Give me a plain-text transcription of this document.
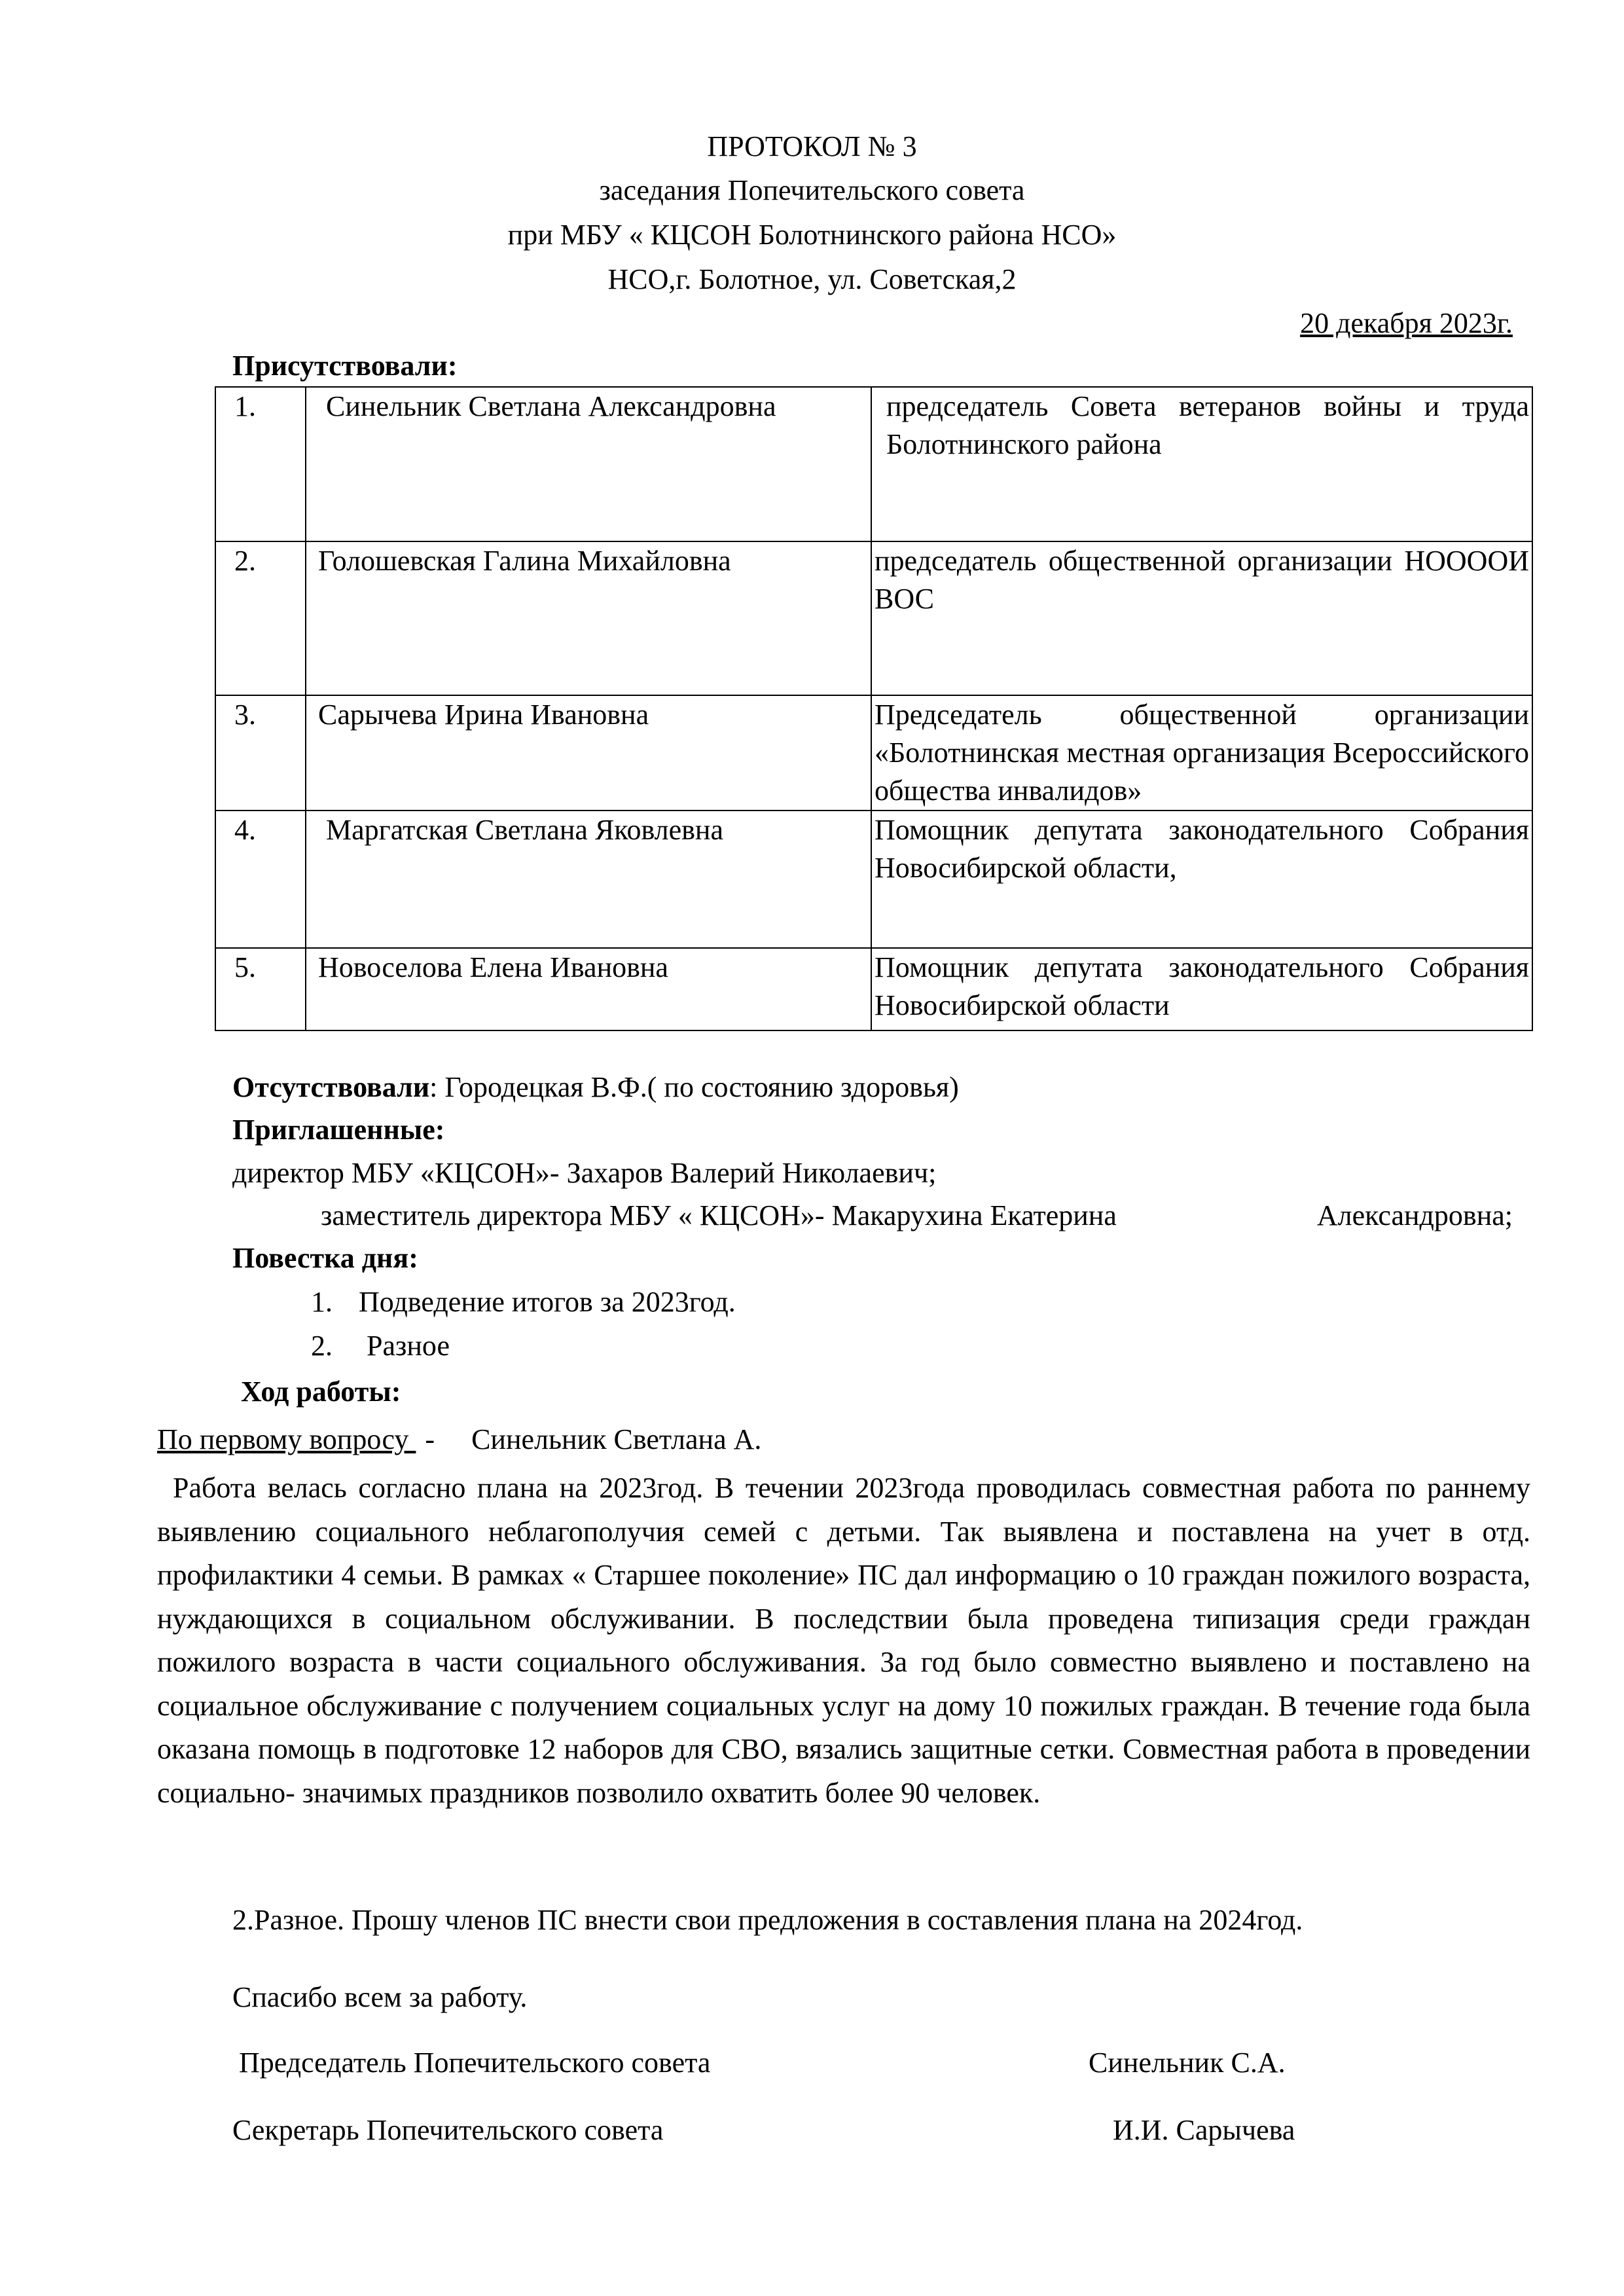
ПРОТОКОЛ № 3
заседания Попечительского совета
при МБУ « КЦСОН Болотнинского района НСО»
НСО,г. Болотное, ул. Советская,2
20 декабря 2023г.
Присутствовали:
1.	Синельник Светлана Александровна	председатель Совета ветеранов войны и труда Болотнинского района

2.	Голошевская Галина Михайловна	председатель общественной организации НООООИ ВОС

3.	Сарычева Ирина Ивановна	Председатель общественной организации «Болотнинская местная организация Всероссийского общества инвалидов»

4.	Маргатская Светлана Яковлевна	Помощник депутата законодательного Собрания Новосибирской области,

5.	Новоселова Елена Ивановна	Помощник депутата законодательного Собрания Новосибирской области
Отсутствовали: Городецкая В.Ф.( по состоянию здоровья)
Приглашенные:
директор МБУ «КЦСОН»- Захаров Валерий Николаевич;
заместитель директора МБУ « КЦСОН»- Макарухина Екатерина	Александровна;
Повестка дня:
1. Подведение итогов за 2023год.
2. Разное
Ход работы:
По первому вопросу - Синельник Светлана А.
Работа велась согласно плана на 2023год. В течении 2023года проводилась совместная работа по раннему выявлению социального неблагополучия семей с детьми. Так выявлена и поставлена на учет в отд. профилактики 4 семьи. В рамках « Старшее поколение» ПС дал информацию о 10 граждан пожилого возраста, нуждающихся в социальном обслуживании. В последствии была проведена типизация среди граждан пожилого возраста в части социального обслуживания. За год было совместно выявлено и поставлено на социальное обслуживание с получением социальных услуг на дому 10 пожилых граждан. В течение года была оказана помощь в подготовке 12 наборов для СВО, вязались защитные сетки. Совместная работа в проведении социально- значимых праздников позволило охватить более 90 человек.
2.Разное. Прошу членов ПС внести свои предложения в составления плана на 2024год.
Спасибо всем за работу.
Председатель Попечительского совета	Синельник С.А.
Секретарь Попечительского совета	И.И. Сарычева
